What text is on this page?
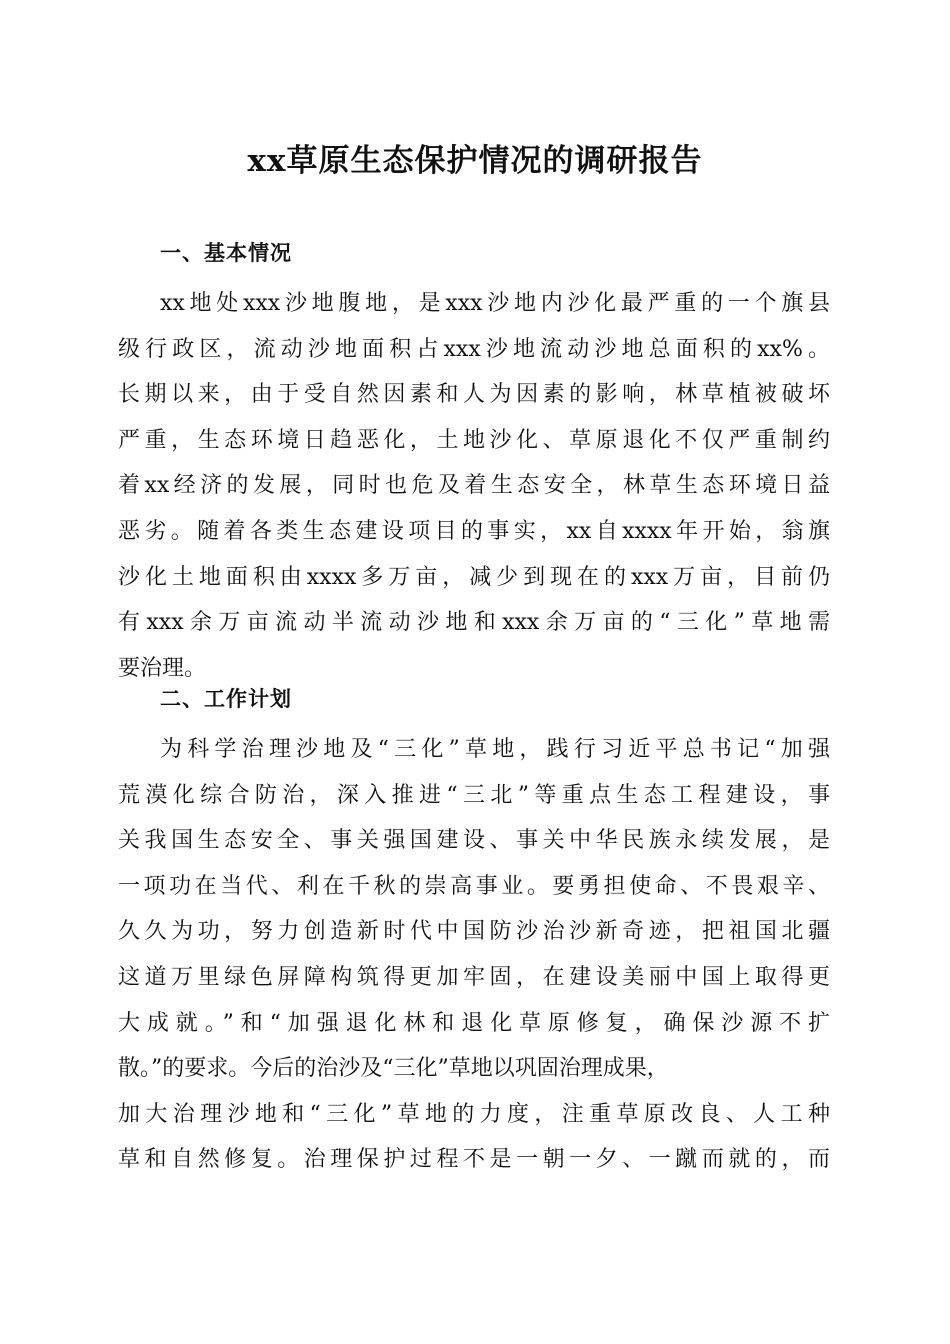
xx草原生态保护情况的调研报告
一、基本情况
xx地处xxx沙地腹地，是xxx沙地内沙化最严重的一个旗县
级行政区，流动沙地面积占xxx沙地流动沙地总面积的xx%。
长期以来，由于受自然因素和人为因素的影响，林草植被破坏
严重，生态环境日趋恶化，土地沙化、草原退化不仅严重制约
着xx经济的发展，同时也危及着生态安全，林草生态环境日益
恶劣。随着各类生态建设项目的事实，xx自xxxx年开始，翁旗
沙化土地面积由xxxx多万亩，减少到现在的xxx万亩，目前仍
有xxx余万亩流动半流动沙地和xxx余万亩的“三化”草地需
要治理。
二、工作计划
为科学治理沙地及“三化”草地，践行习近平总书记“加强
荒漠化综合防治，深入推进“三北”等重点生态工程建设，事
关我国生态安全、事关强国建设、事关中华民族永续发展，是
一项功在当代、利在千秋的崇高事业。要勇担使命、不畏艰辛、
久久为功，努力创造新时代中国防沙治沙新奇迹，把祖国北疆
这道万里绿色屏障构筑得更加牢固，在建设美丽中国上取得更
大成就。”和“加强退化林和退化草原修复，确保沙源不扩
散。”的要求。今后的治沙及“三化”草地以巩固治理成果，
加大治理沙地和“三化”草地的力度，注重草原改良、人工种
草和自然修复。治理保护过程不是一朝一夕、一蹴而就的，而
